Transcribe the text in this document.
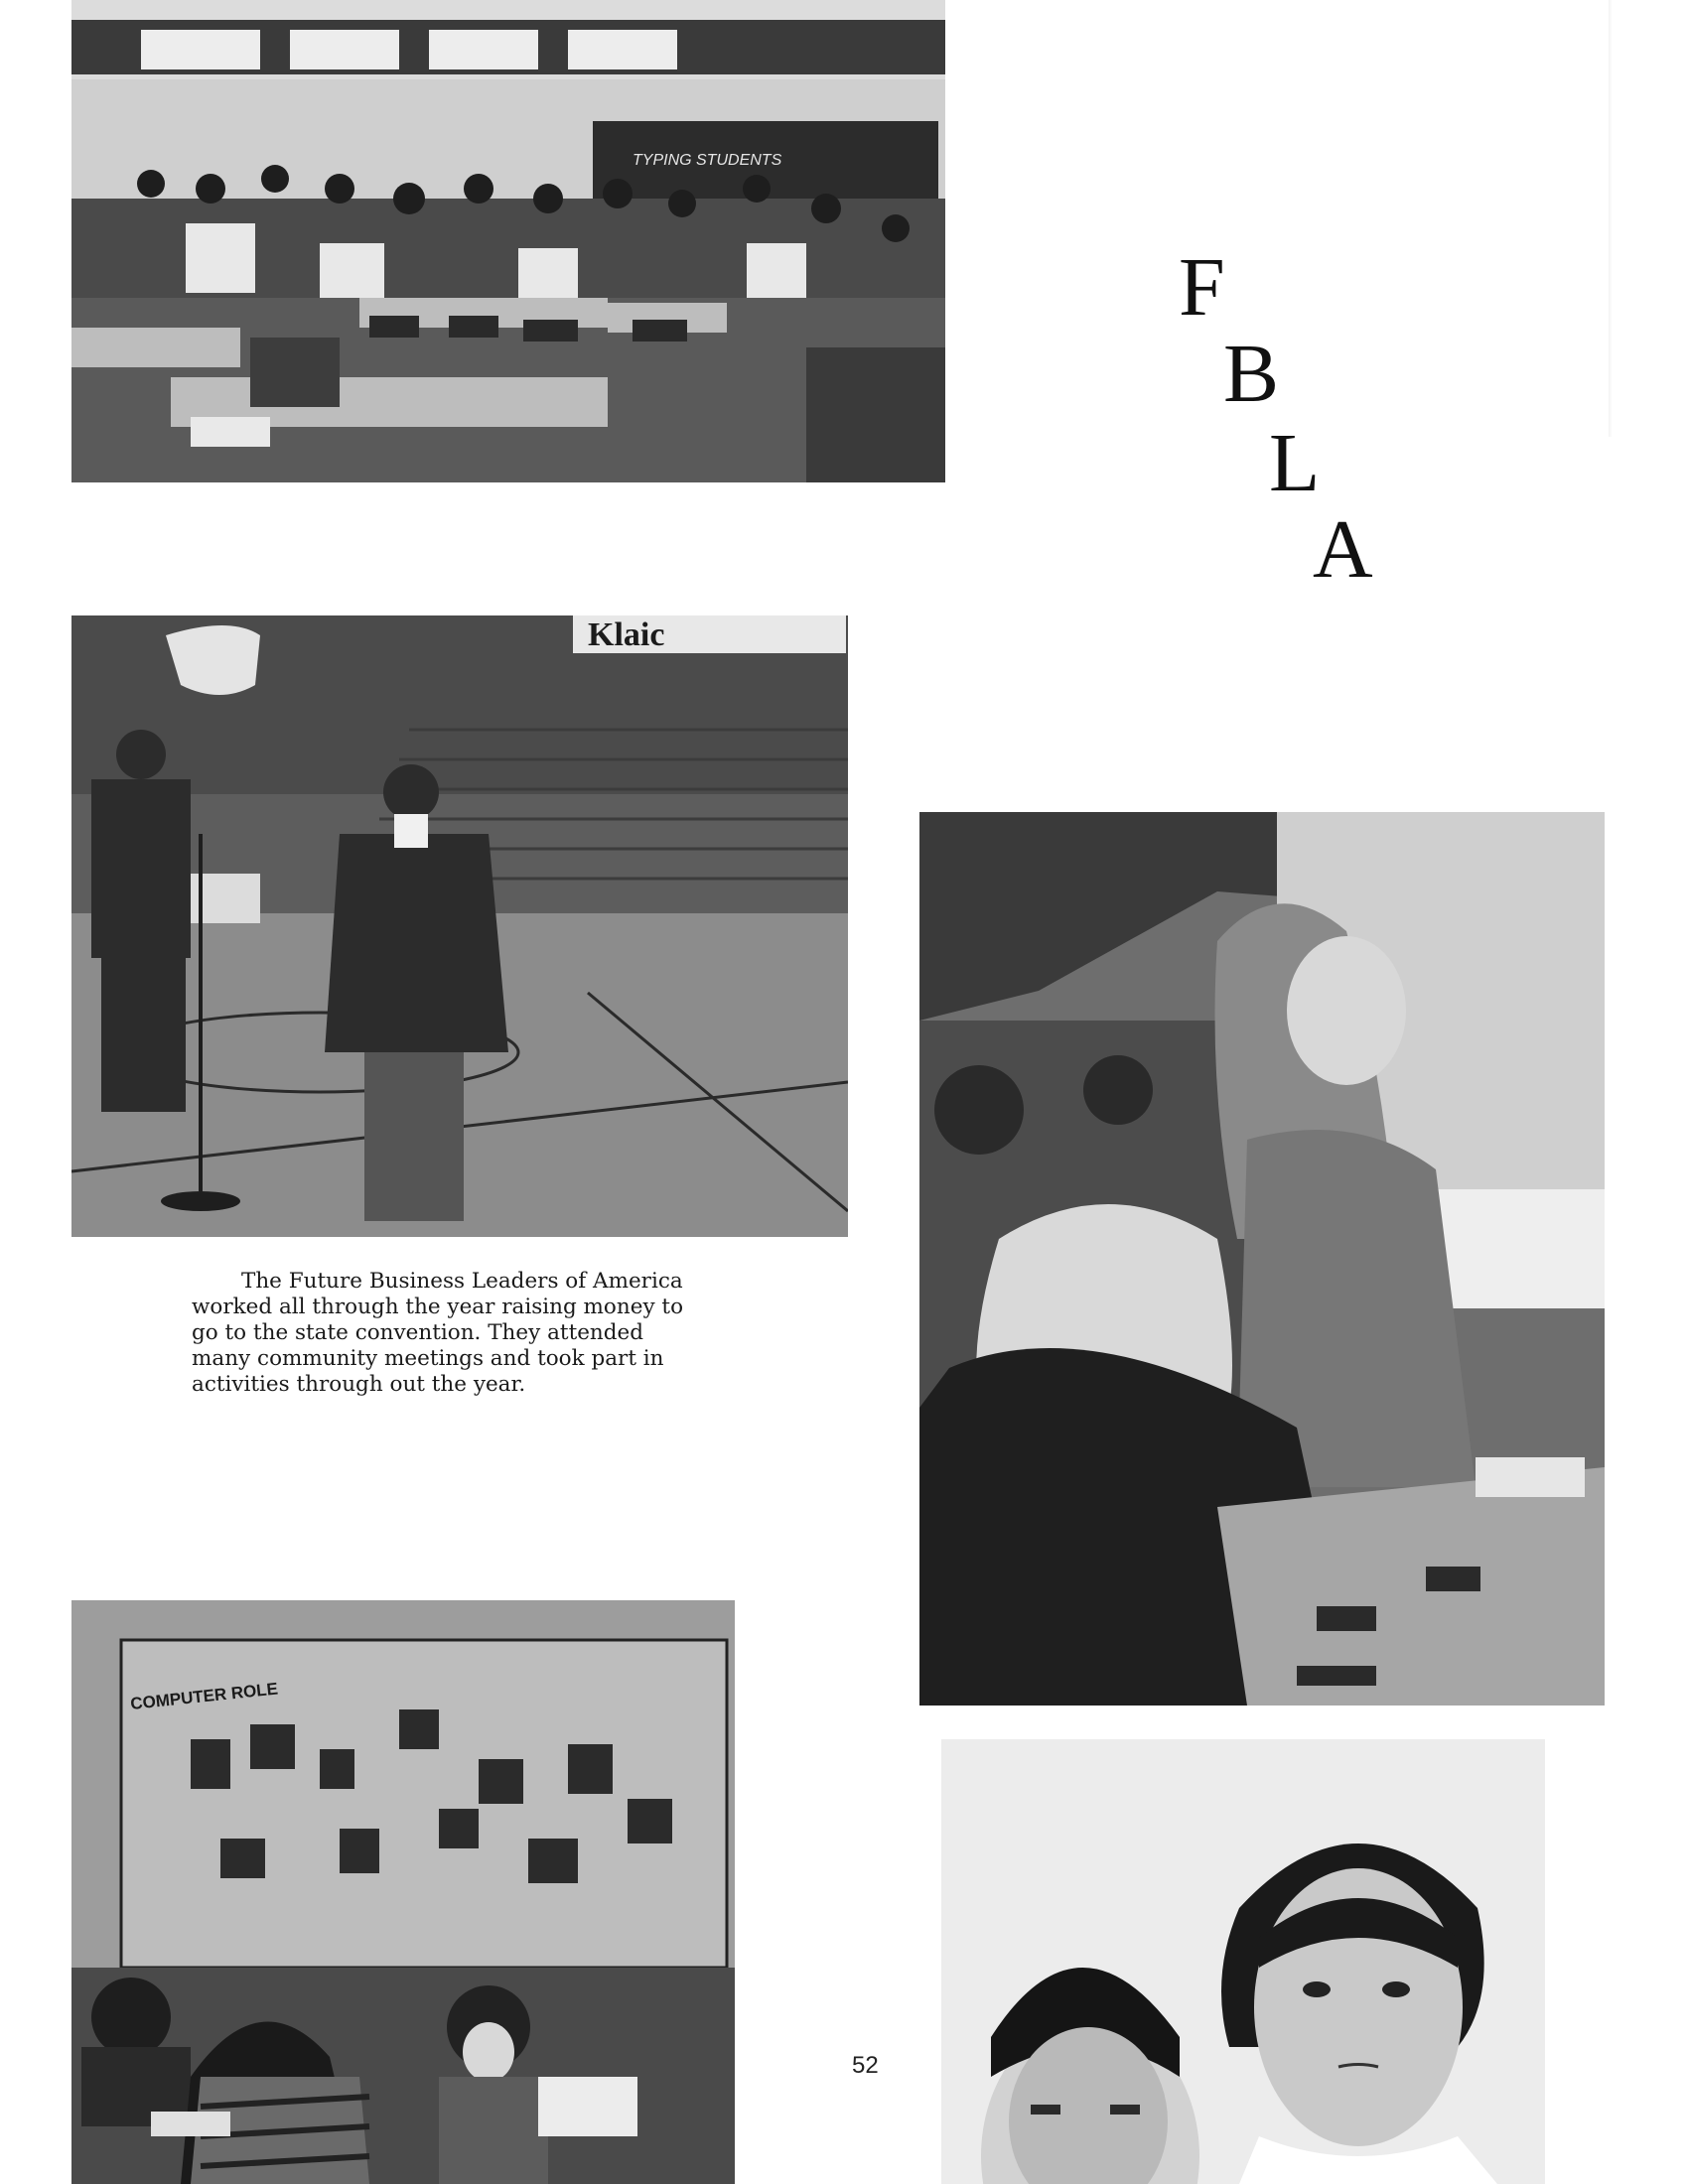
F
B
L
A
TYPING STUDENTS
Klaic
The Future Business Leaders of America worked all through the year raising money to go to the state convention. They attended many community meetings and took part in activities through out the year.
COMPUTER ROLE
52
